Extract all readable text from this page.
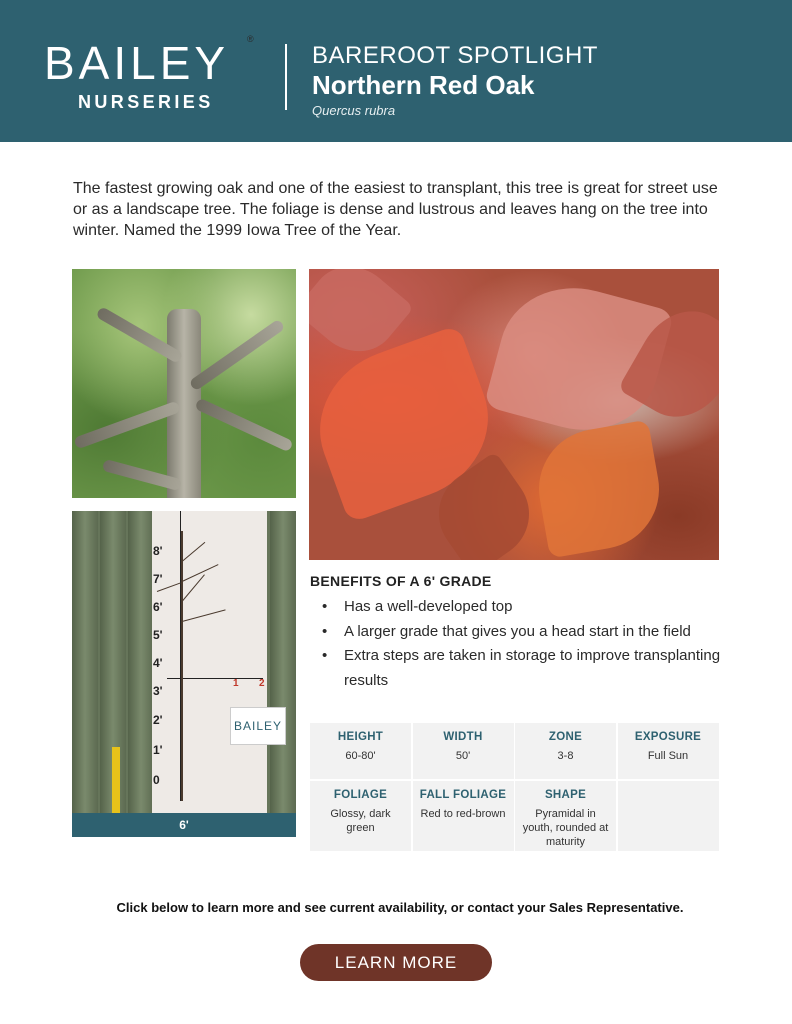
BAILEY
NURSERIES
®
BAREROOT SPOTLIGHT
Northern Red Oak
Quercus rubra

The fastest growing oak and one of the easiest to transplant, this tree is great for street use or as a landscape tree. The foliage is dense and lustrous and leaves hang on the tree into winter. Named the 1999 Iowa Tree of the Year.

8'
7'
6'
5'
4'
3'
2'
1'
0
1 2
BAILEY
6'
BENEFITS OF A 6' GRADE
• Has a well-developed top
• A larger grade that gives you a head start in the field
• Extra steps are taken in storage to improve transplanting results
HEIGHT
60-80'
WIDTH
50'
ZONE
3-8
EXPOSURE
Full Sun
FOLIAGE
Glossy, dark green
FALL FOLIAGE
Red to red-brown
SHAPE
Pyramidal in youth, rounded at maturity
Click below to learn more and see current availability, or contact your Sales Representative.
LEARN MORE
